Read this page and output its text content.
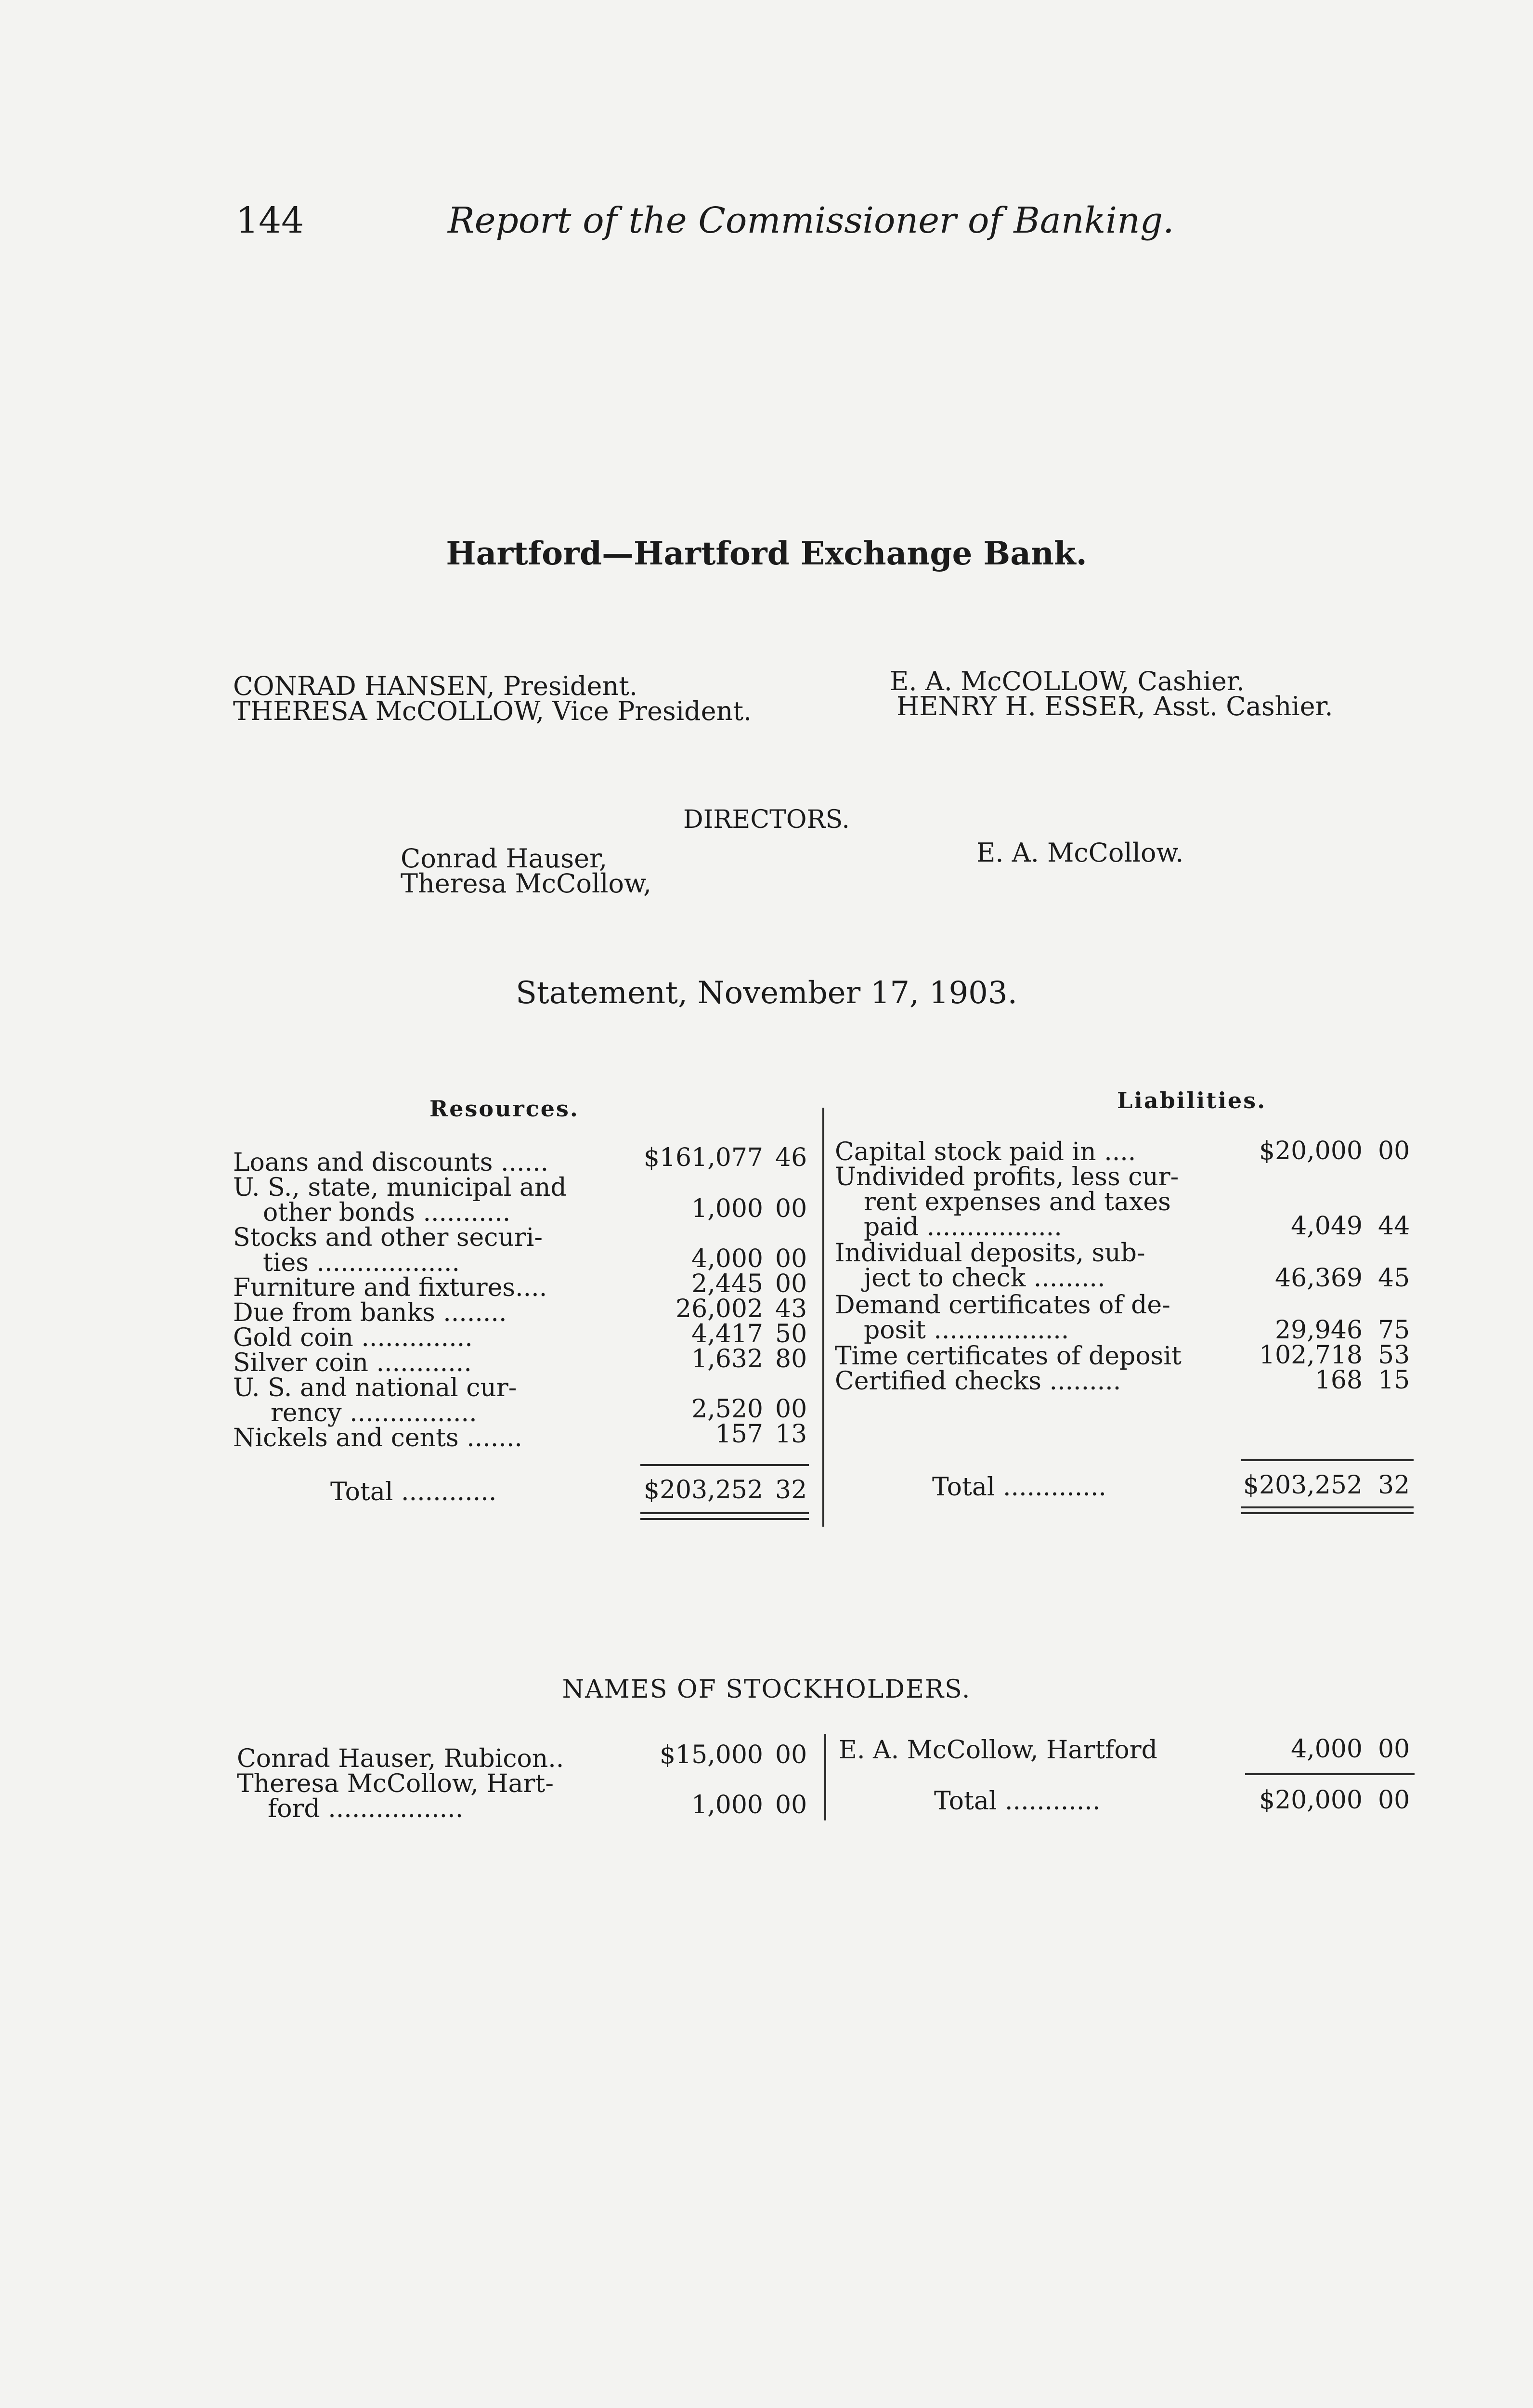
144	Report of the Commissioner of Banking.
Hartford—Hartford Exchange Bank.
CONRAD HANSEN, President.
THERESA McCOLLOW, Vice President.
E. A. McCOLLOW, Cashier.
HENRY H. ESSER, Asst. Cashier.
DIRECTORS.
Conrad Hauser,
Theresa McCollow,
E. A. McCollow.
Statement, November 17, 1903.
Resources.	Liabilities.
Loans and discounts ......	$161,077 46
U. S., state, municipal and
other bonds ...........	1,000 00
Stocks and other securi-
ties ..................	4,000 00
Furniture and fixtures....	2,445 00
Due from banks ........	26,002 43
Gold coin ..............	4,417 50
Silver coin ............	1,632 80
U. S. and national cur-
rency ................	2,520 00
Nickels and cents .......	157 13
Total ............	$203,252 32
Capital stock paid in ....	$20,000 00
Undivided profits, less cur-
rent expenses and taxes
paid .................	4,049 44
Individual deposits, sub-
ject to check .........	46,369 45
Demand certificates of de-
posit .................	29,946 75
Time certificates of deposit	102,718 53
Certified checks .........	168 15
Total .............	$203,252 32
NAMES OF STOCKHOLDERS.
Conrad Hauser, Rubicon..	$15,000 00
Theresa McCollow, Hart-
ford .................	1,000 00
E. A. McCollow, Hartford	4,000 00
Total ............	$20,000 00
